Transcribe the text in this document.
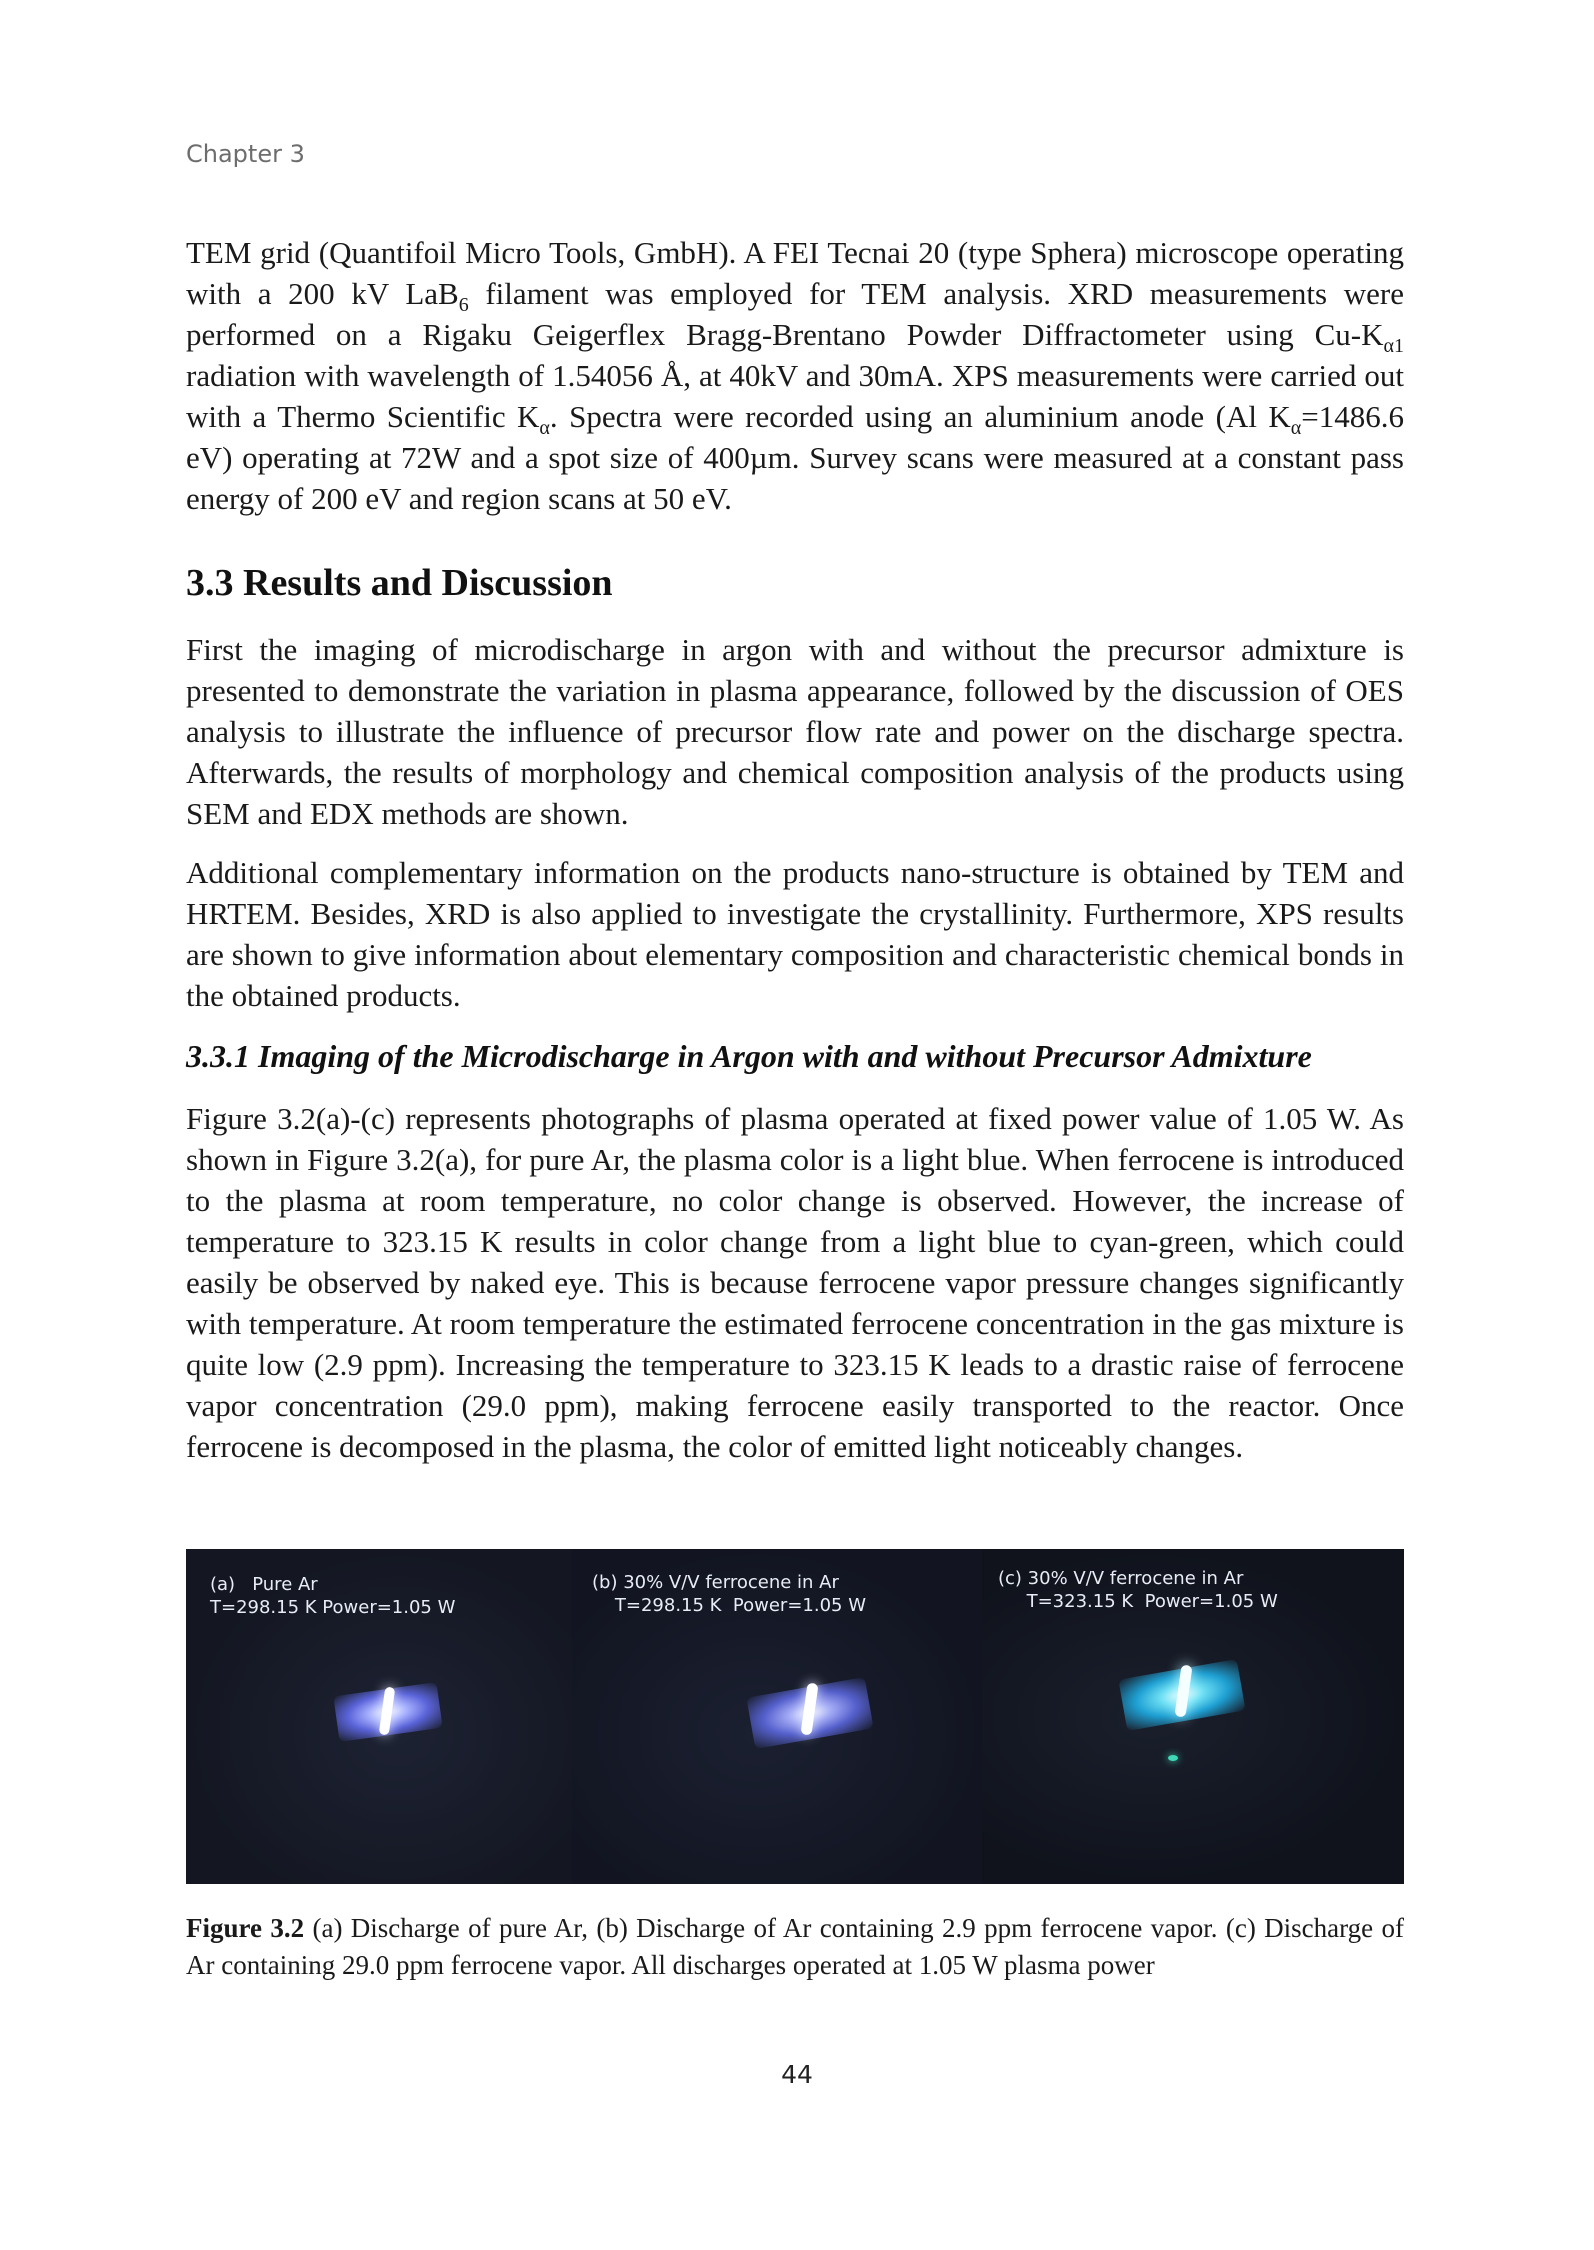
Chapter 3

TEM grid (Quantifoil Micro Tools, GmbH). A FEI Tecnai 20 (type Sphera) microscope operating with a 200 kV LaB$_6$ filament was employed for TEM analysis. XRD measurements were performed on a Rigaku Geigerflex Bragg-Brentano Powder Diffractometer using $Cu-K_{\alpha 1}$ radiation with wavelength of 1.54056 Å, at 40kV and 30mA. XPS measurements were carried out with a Thermo Scientific $K_\alpha$. Spectra were recorded using an aluminium anode (Al $K_\alpha=1486.6$ eV) operating at 72W and a spot size of 400µm. Survey scans were measured at a constant pass energy of 200 eV and region scans at 50 eV.

3.3 Results and Discussion

First the imaging of microdischarge in argon with and without the precursor admixture is presented to demonstrate the variation in plasma appearance, followed by the discussion of OES analysis to illustrate the influence of precursor flow rate and power on the discharge spectra. Afterwards, the results of morphology and chemical composition analysis of the products using SEM and EDX methods are shown.

Additional complementary information on the products nano-structure is obtained by TEM and HRTEM. Besides, XRD is also applied to investigate the crystallinity. Furthermore, XPS results are shown to give information about elementary composition and characteristic chemical bonds in the obtained products.

3.3.1 Imaging of the Microdischarge in Argon with and without Precursor Admixture

Figure 3.2(a)-(c) represents photographs of plasma operated at fixed power value of 1.05 W. As shown in Figure 3.2(a), for pure Ar, the plasma color is a light blue. When ferrocene is introduced to the plasma at room temperature, no color change is observed. However, the increase of temperature to 323.15 K results in color change from a light blue to cyan-green, which could easily be observed by naked eye. This is because ferrocene vapor pressure changes significantly with temperature. At room temperature the estimated ferrocene concentration in the gas mixture is quite low (2.9 ppm). Increasing the temperature to 323.15 K leads to a drastic raise of ferrocene vapor concentration (29.0 ppm), making ferrocene easily transported to the reactor. Once ferrocene is decomposed in the plasma, the color of emitted light noticeably changes.

(a)   Pure Ar
T=298.15 K Power=1.05 W
(b) 30% V/V ferrocene in Ar
T=298.15 K  Power=1.05 W
(c) 30% V/V ferrocene in Ar
T=323.15 K  Power=1.05 W

Figure 3.2 (a) Discharge of pure Ar, (b) Discharge of Ar containing 2.9 ppm ferrocene vapor. (c) Discharge of Ar containing 29.0 ppm ferrocene vapor. All discharges operated at 1.05 W plasma power

44
